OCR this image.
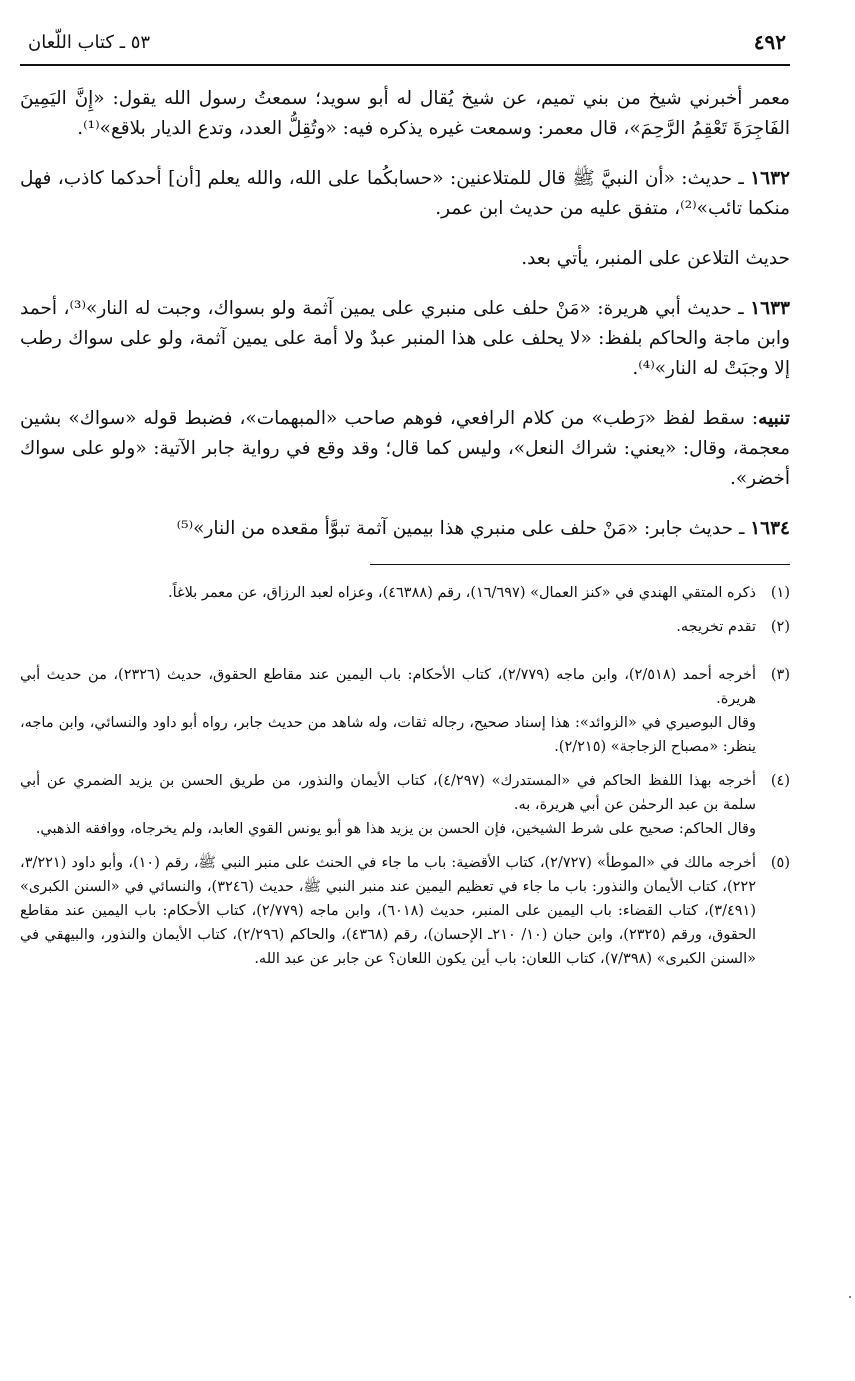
٤٩٢
٥٣ ـ كتاب اللّعان

معمر أخبرني شيخ من بني تميم، عن شيخ يُقال له أبو سويد؛ سمعتُ رسول الله يقول: «إِنَّ اليَمِينَ الفَاجِرَةَ تَعْقِمُ الرَّحِمَ»، قال معمر: وسمعت غيره يذكره فيه: «وتُقِلُّ العدد، وتدع الديار بلاقع»⁽¹⁾.

١٦٣٢ ـ حديث: «أن النبيَّ ﷺ قال للمتلاعنين: «حسابكُما على الله، والله يعلم [أن] أحدكما كاذب، فهل منكما تائب»⁽²⁾، متفق عليه من حديث ابن عمر.

حديث التلاعن على المنبر، يأتي بعد.

١٦٣٣ ـ حديث أبي هريرة: «مَنْ حلف على منبري على يمين آثمة ولو بسواك، وجبت له النار»⁽³⁾، أحمد وابن ماجة والحاكم بلفظ: «لا يحلف على هذا المنبر عبدٌ ولا أمة على يمين آثمة، ولو على سواك رطب إلا وجبَتْ له النار»⁽⁴⁾.

تنبيه: سقط لفظ «رَطب» من كلام الرافعي، فوهم صاحب «المبهمات»، فضبط قوله «سواك» بشين معجمة، وقال: «يعني: شراك النعل»، وليس كما قال؛ وقد وقع في رواية جابر الآتية: «ولو على سواك أخضر».

١٦٣٤ ـ حديث جابر: «مَنْ حلف على منبري هذا بيمين آثمة تبوَّأ مقعده من النار»⁽⁵⁾

(١)

ذكره المتقي الهندي في «كنز العمال» (١٦/٦٩٧)، رقم (٤٦٣٨٨)، وعزاه لعبد الرزاق، عن معمر بلاغاً.

(٢)

تقدم تخريجه.

(٣)

أخرجه أحمد (٢/٥١٨)، وابن ماجه (٢/٧٧٩)، كتاب الأحكام: باب اليمين عند مقاطع الحقوق، حديث (٢٣٢٦)، من حديث أبي هريرة.

وقال البوصيري في «الزوائد»: هذا إسناد صحيح، رجاله ثقات، وله شاهد من حديث جابر، رواه أبو داود والنسائي، وابن ماجه، ينظر: «مصباح الزجاجة» (٢/٢١٥).

(٤)

أخرجه بهذا اللفظ الحاكم في «المستدرك» (٤/٢٩٧)، كتاب الأيمان والنذور، من طريق الحسن بن يزيد الضمري عن أبي سلمة بن عبد الرحمٰن عن أبي هريرة، به.

وقال الحاكم: صحيح على شرط الشيخين، فإن الحسن بن يزيد هذا هو أبو يونس القوي العابد، ولم يخرجاه، ووافقه الذهبي.

(٥)

أخرجه مالك في «الموطأ» (٢/٧٢٧)، كتاب الأقضية: باب ما جاء في الحنث على منبر النبي ﷺ، رقم (١٠)، وأبو داود (٣/٢٢١، ٢٢٢)، كتاب الأيمان والنذور: باب ما جاء في تعظيم اليمين عند منبر النبي ﷺ، حديث (٣٢٤٦)، والنسائي في «السنن الكبرى» (٣/٤٩١)، كتاب القضاء: باب اليمين على المنبر، حديث (٦٠١٨)، وابن ماجه (٢/٧٧٩)، كتاب الأحكام: باب اليمين عند مقاطع الحقوق، ورقم (٢٣٢٥)، وابن حبان (١٠/ ٢١٠ـ الإحسان)، رقم (٤٣٦٨)، والحاكم (٢/٢٩٦)، كتاب الأيمان والنذور، والبيهقي في «السنن الكبرى» (٧/٣٩٨)، كتاب اللعان: باب أين يكون اللعان؟ عن جابر عن عبد الله.
